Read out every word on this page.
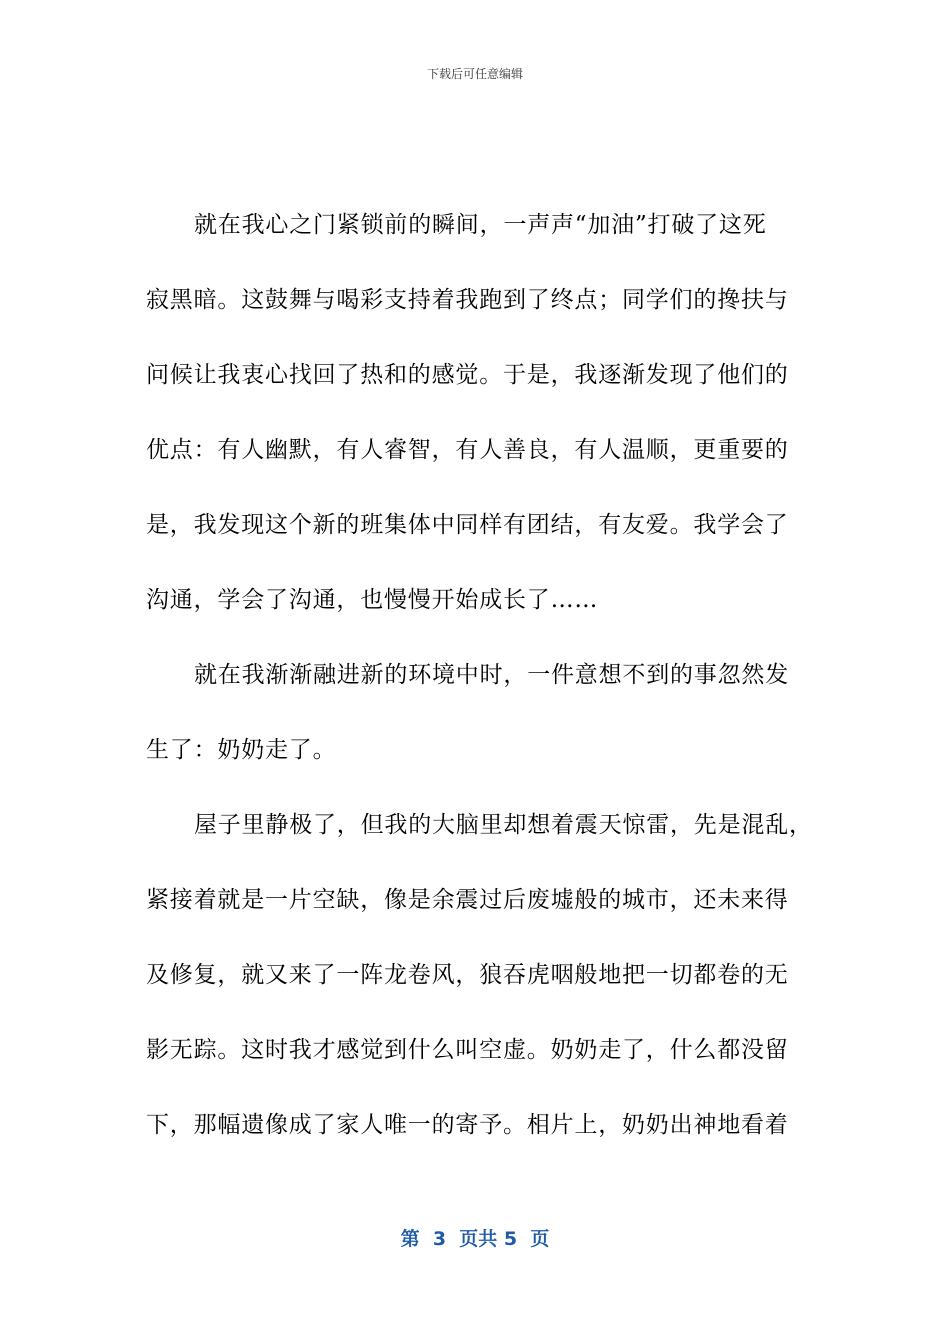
下载后可任意编辑
就在我心之门紧锁前的瞬间，一声声“加油”打破了这死
寂黑暗。这鼓舞与喝彩支持着我跑到了终点；同学们的搀扶与
问候让我衷心找回了热和的感觉。于是，我逐渐发现了他们的
优点：有人幽默，有人睿智，有人善良，有人温顺，更重要的
是，我发现这个新的班集体中同样有团结，有友爱。我学会了
沟通，学会了沟通，也慢慢开始成长了……
就在我渐渐融进新的环境中时，一件意想不到的事忽然发
生了：奶奶走了。
屋子里静极了，但我的大脑里却想着震天惊雷，先是混乱，
紧接着就是一片空缺，像是余震过后废墟般的城市，还未来得
及修复，就又来了一阵龙卷风，狼吞虎咽般地把一切都卷的无
影无踪。这时我才感觉到什么叫空虚。奶奶走了，什么都没留
下，那幅遗像成了家人唯一的寄予。相片上，奶奶出神地看着
第  3  页共 5  页
